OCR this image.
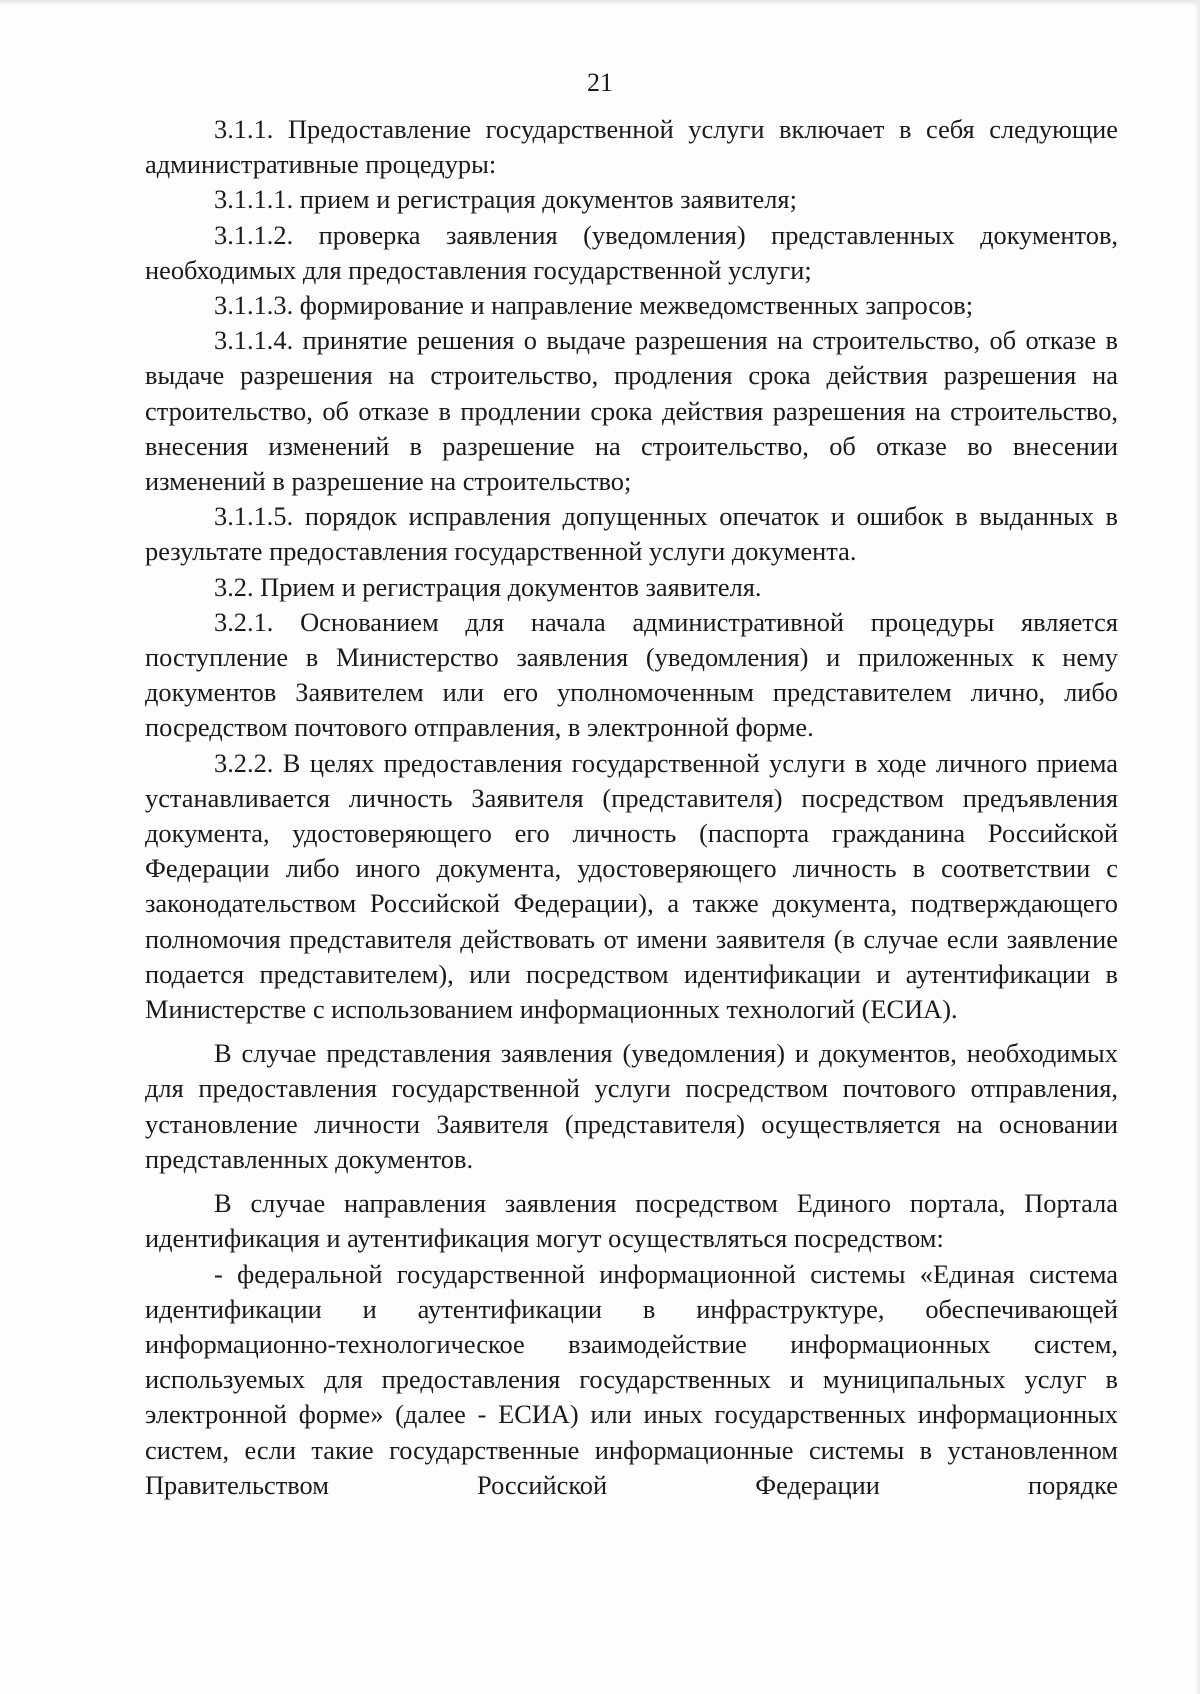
21

3.1.1. Предоставление государственной услуги включает в себя следующие административные процедуры:

3.1.1.1. прием и регистрация документов заявителя;

3.1.1.2. проверка заявления (уведомления) представленных документов, необходимых для предоставления государственной услуги;

3.1.1.3. формирование и направление межведомственных запросов;

3.1.1.4. принятие решения о выдаче разрешения на строительство, об отказе в выдаче разрешения на строительство, продления срока действия разрешения на строительство, об отказе в продлении срока действия разрешения на строительство, внесения изменений в разрешение на строительство, об отказе во внесении изменений в разрешение на строительство;

3.1.1.5. порядок исправления допущенных опечаток и ошибок в выданных в результате предоставления государственной услуги документа.

3.2. Прием и регистрация документов заявителя.

3.2.1. Основанием для начала административной процедуры является поступление в Министерство заявления (уведомления) и приложенных к нему документов Заявителем или его уполномоченным представителем лично, либо посредством почтового отправления, в электронной форме.

3.2.2. В целях предоставления государственной услуги в ходе личного приема устанавливается личность Заявителя (представителя) посредством предъявления документа, удостоверяющего его личность (паспорта гражданина Российской Федерации либо иного документа, удостоверяющего личность в соответствии с законодательством Российской Федерации), а также документа, подтверждающего полномочия представителя действовать от имени заявителя (в случае если заявление подается представителем), или посредством идентификации и аутентификации в Министерстве с использованием информационных технологий (ЕСИА).

В случае представления заявления (уведомления) и документов, необходимых для предоставления государственной услуги посредством почтового отправления, установление личности Заявителя (представителя) осуществляется на основании представленных документов.

В случае направления заявления посредством Единого портала, Портала идентификация и аутентификация могут осуществляться посредством:

- федеральной государственной информационной системы «Единая система идентификации и аутентификации в инфраструктуре, обеспечивающей информационно-технологическое взаимодействие информационных систем, используемых для предоставления государственных и муниципальных услуг в электронной форме» (далее - ЕСИА) или иных государственных информационных систем, если такие государственные информационные системы в установленном Правительством Российской Федерации порядке
